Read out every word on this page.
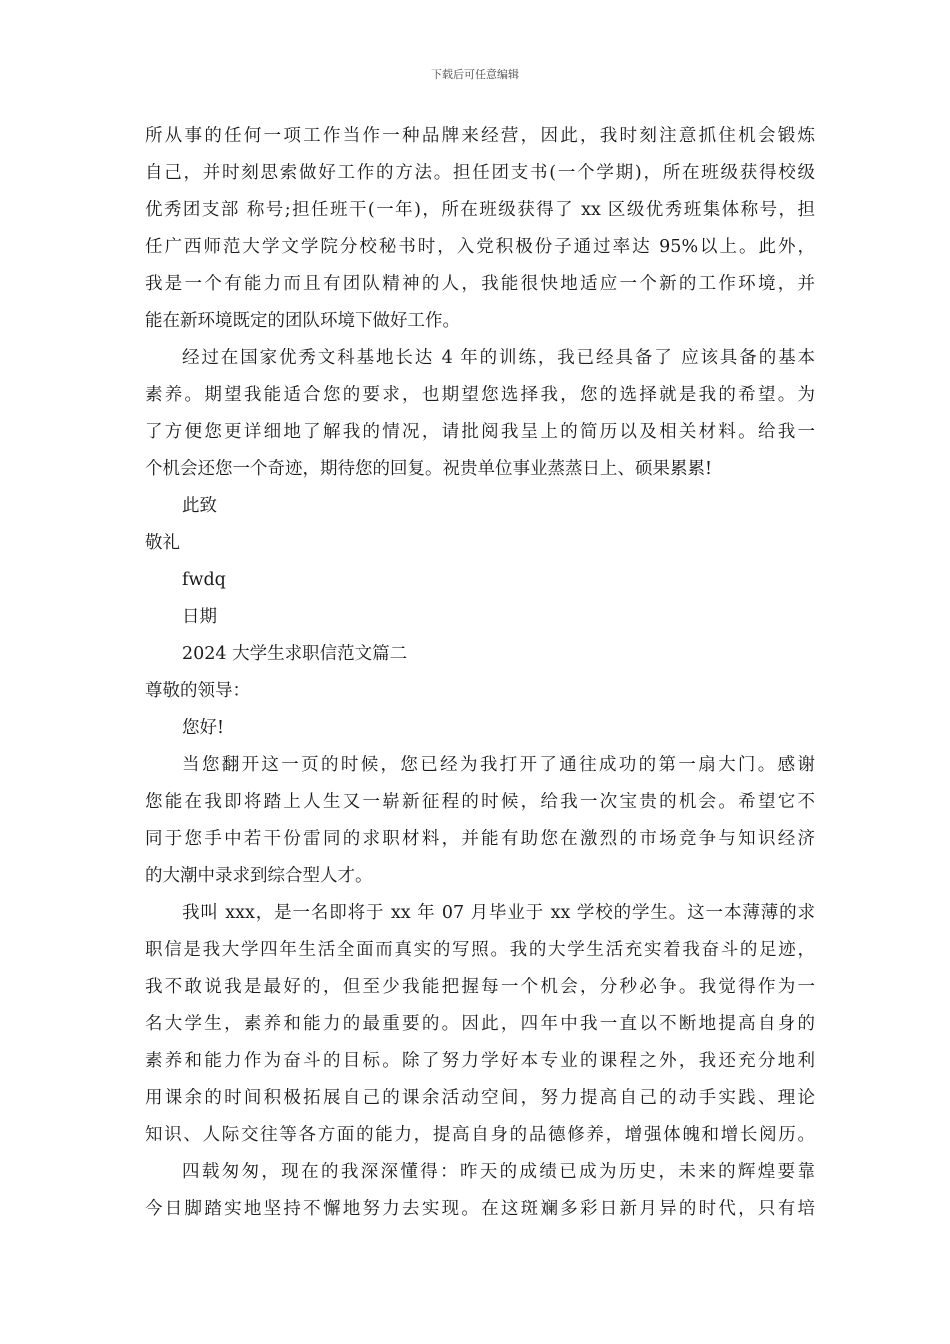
下载后可任意编辑
所从事的任何一项工作当作一种品牌来经营，因此，我时刻注意抓住机会锻炼
自己，并时刻思索做好工作的方法。担任团支书(一个学期)，所在班级获得校级
优秀团支部 称号;担任班干(一年)，所在班级获得了 xx 区级优秀班集体称号，担
任广西师范大学文学院分校秘书时，入党积极份子通过率达 95%以上。此外，
我是一个有能力而且有团队精神的人，我能很快地适应一个新的工作环境，并
能在新环境既定的团队环境下做好工作。
经过在国家优秀文科基地长达 4 年的训练，我已经具备了 应该具备的基本
素养。期望我能适合您的要求，也期望您选择我，您的选择就是我的希望。为
了方便您更详细地了解我的情况，请批阅我呈上的简历以及相关材料。给我一
个机会还您一个奇迹，期待您的回复。祝贵单位事业蒸蒸日上、硕果累累!
此致
敬礼
fwdq
日期
2024 大学生求职信范文篇二
尊敬的领导：
您好!
当您翻开这一页的时候，您已经为我打开了通往成功的第一扇大门。感谢
您能在我即将踏上人生又一崭新征程的时候，给我一次宝贵的机会。希望它不
同于您手中若干份雷同的求职材料，并能有助您在激烈的市场竞争与知识经济
的大潮中录求到综合型人才。
我叫 xxx，是一名即将于 xx 年 07 月毕业于 xx 学校的学生。这一本薄薄的求
职信是我大学四年生活全面而真实的写照。我的大学生活充实着我奋斗的足迹，
我不敢说我是最好的，但至少我能把握每一个机会，分秒必争。我觉得作为一
名大学生，素养和能力的最重要的。因此，四年中我一直以不断地提高自身的
素养和能力作为奋斗的目标。除了努力学好本专业的课程之外，我还充分地利
用课余的时间积极拓展自己的课余活动空间，努力提高自己的动手实践、理论
知识、人际交往等各方面的能力，提高自身的品德修养，增强体魄和增长阅历。
四载匆匆，现在的我深深懂得：昨天的成绩已成为历史，未来的辉煌要靠
今日脚踏实地坚持不懈地努力去实现。在这斑斓多彩日新月异的时代，只有培
